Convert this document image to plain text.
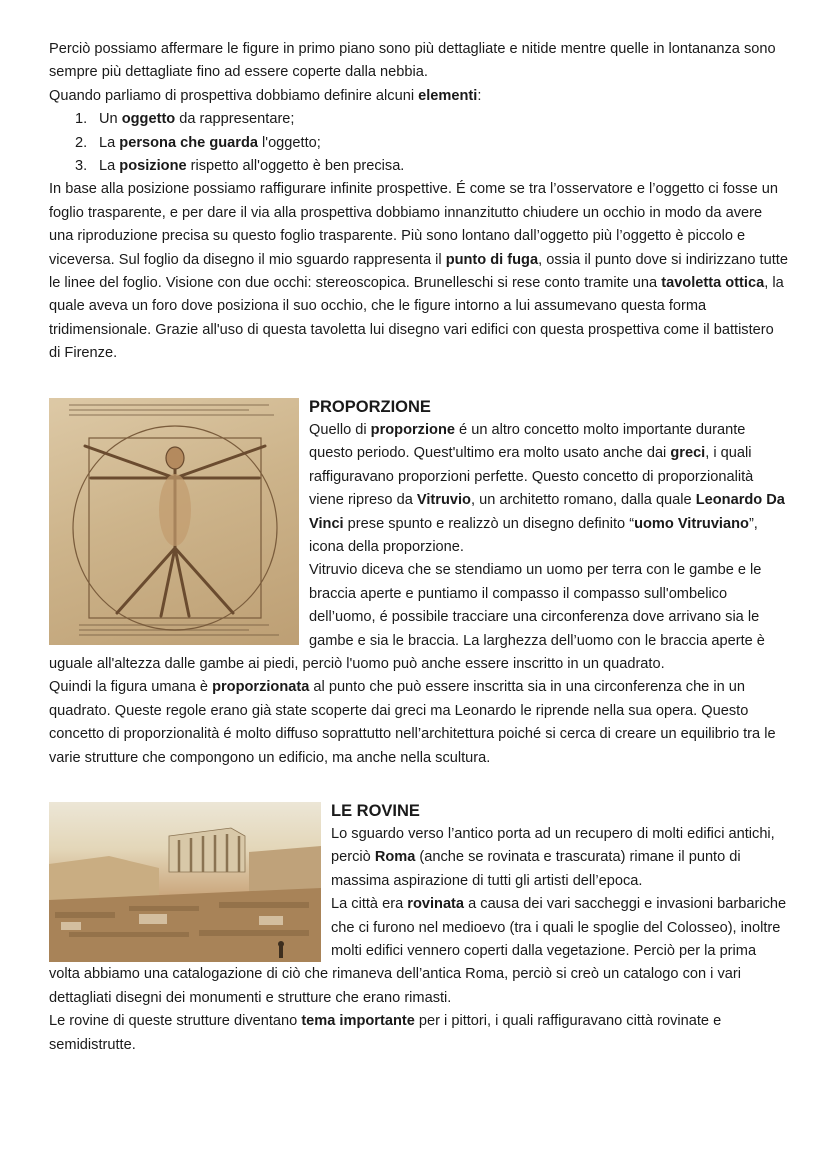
Perciò possiamo affermare le figure in primo piano sono più dettagliate e nitide mentre quelle in lontananza sono sempre più dettagliate fino ad essere coperte dalla nebbia.

Quando parliamo di prospettiva dobbiamo definire alcuni elementi:

1. Un oggetto da rappresentare;
2. La persona che guarda l'oggetto;
3. La posizione rispetto all'oggetto è ben precisa.

In base alla posizione possiamo raffigurare infinite prospettive. É come se tra l’osservatore e l’oggetto ci fosse un foglio trasparente, e per dare il via alla prospettiva dobbiamo innanzitutto chiudere un occhio in modo da avere una riproduzione precisa su questo foglio trasparente. Più sono lontano dall’oggetto più l’oggetto è piccolo e viceversa. Sul foglio da disegno il mio sguardo rappresenta il punto di fuga, ossia il punto dove si indirizzano tutte le linee del foglio. Visione con due occhi: stereoscopica. Brunelleschi si rese conto tramite una tavoletta ottica, la quale aveva un foro dove posiziona il suo occhio, che le figure intorno a lui assumevano questa forma tridimensionale. Grazie all'uso di questa tavoletta lui disegno vari edifici con questa prospettiva come il battistero di Firenze.

PROPORZIONE

Quello di proporzione é un altro concetto molto importante durante questo periodo. Quest'ultimo era molto usato anche dai greci, i quali raffiguravano proporzioni perfette. Questo concetto di proporzionalità viene ripreso da Vitruvio, un architetto romano, dalla quale Leonardo Da Vinci prese spunto e realizzò un disegno definito “uomo Vitruviano”, icona della proporzione.

Vitruvio diceva che se stendiamo un uomo per terra con le gambe e le braccia aperte e puntiamo il compasso il compasso sull'ombelico dell’uomo, é possibile tracciare una circonferenza dove arrivano sia le gambe e sia le braccia. La larghezza dell’uomo con le braccia aperte è uguale all'altezza dalle gambe ai piedi, perciò l'uomo può anche essere inscritto in un quadrato.

Quindi la figura umana è proporzionata al punto che può essere inscritta sia in una circonferenza che in un quadrato. Queste regole erano già state scoperte dai greci ma Leonardo le riprende nella sua opera. Questo concetto di proporzionalità é molto diffuso soprattutto nell’architettura poiché si cerca di creare un equilibrio tra le varie strutture che compongono un edificio, ma anche nella scultura.

LE ROVINE

Lo sguardo verso l’antico porta ad un recupero di molti edifici antichi, perciò Roma (anche se rovinata e trascurata) rimane il punto di massima aspirazione di tutti gli artisti dell’epoca.

La città era rovinata a causa dei vari saccheggi e invasioni barbariche che ci furono nel medioevo (tra i quali le spoglie del Colosseo), inoltre molti edifici vennero coperti dalla vegetazione. Perciò per la prima volta abbiamo una catalogazione di ciò che rimaneva dell’antica Roma, perciò si creò un catalogo con i vari dettagliati disegni dei monumenti e strutture che erano rimasti.

Le rovine di queste strutture diventano tema importante per i pittori, i quali raffiguravano città rovinate e semidistrutte.
